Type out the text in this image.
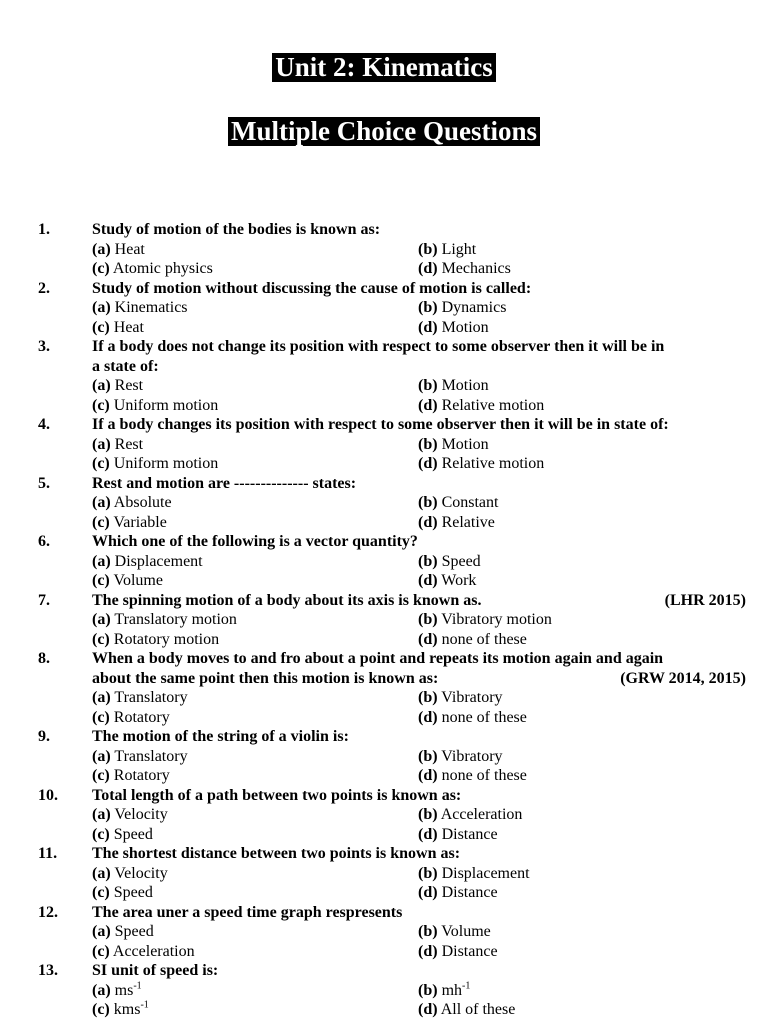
Unit 2: Kinematics
Multiple Choice Questions
1.	Study of motion of the bodies is known as:
(a) Heat	(b) Light
(c) Atomic physics	(d) Mechanics
2.	Study of motion without discussing the cause of motion is called:
(a) Kinematics	(b) Dynamics
(c) Heat	(d) Motion
3.	If a body does not change its position with respect to some observer then it will be in
a state of:
(a) Rest	(b) Motion
(c) Uniform motion	(d) Relative motion
4.	If a body changes its position with respect to some observer then it will be in state of:
(a) Rest	(b) Motion
(c) Uniform motion	(d) Relative motion
5.	Rest and motion are -------------- states:
(a) Absolute	(b) Constant
(c) Variable	(d) Relative
6.	Which one of the following is a vector quantity?
(a) Displacement	(b) Speed
(c) Volume	(d) Work
7.	The spinning motion of a body about its axis is known as.	(LHR 2015)
(a) Translatory motion	(b) Vibratory motion
(c) Rotatory motion	(d) none of these
8.	When a body moves to and fro about a point and repeats its motion again and again
about the same point then this motion is known as:	(GRW 2014, 2015)
(a) Translatory	(b) Vibratory
(c) Rotatory	(d) none of these
9.	The motion of the string of a violin is:
(a) Translatory	(b) Vibratory
(c) Rotatory	(d) none of these
10. Total length of a path between two points is known as:
(a) Velocity	(b) Acceleration
(c) Speed	(d) Distance
11. The shortest distance between two points is known as:
(a) Velocity	(b) Displacement
(c) Speed	(d) Distance
12. The area uner a speed time graph respresents
(a) Speed	(b) Volume
(c) Acceleration	(d) Distance
13. SI unit of speed is:
(a) $ms^{-1}$	(b) $mh^{-1}$
(c) kms$^{-1}$	(d) All of these
